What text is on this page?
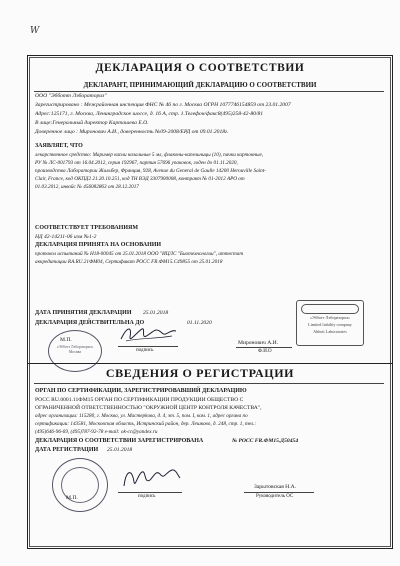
W
ДЕКЛАРАЦИЯ О СООТВЕТСТВИИ
ДЕКЛАРАНТ, ПРИНИМАЮЩИЙ ДЕКЛАРАЦИЮ О СООТВЕТСТВИИ
ООО "Эбботт Лэбораториз"
Зарегистрировано : Межрайонная инспекция ФНС № 46 по г. Москва ОГРН 1077746154859 от 23.01.2007
Адрес:125171, г. Москва, Ленинградское шоссе, д. 16 А, стр. 1.Телефон/факс8(495)258-42-80/81
В лице:Генеральный директор Карташева Е.О.
Доверенное лицо : Миронович А.И., доверенность №09-2008/ЕРД от 09.01.2018г.
ЗАЯВЛЯЕТ, ЧТО
лекарственное средство: Маример капли назальные 5 мл, флаконы-капельницы (10), пачки картонные,
РУ № ЛС-001793 от 16.04.2012, серия 192967, партия 57696 упаковок, годен до 01.11.2020,
производства Лаборатории Жильбер, Франция, 928, Avenue du General de Gaulle 14200 Herouville Saint-
Clair, France, код ОКПД2 21.20.10.251, код ТН ВЭД 3307900008, контракт № 01-2012 АРО от
01.03.2012, инвойс № 456082863 от 28.12.2017
СООТВЕТСТВУЕТ ТРЕБОВАНИЯМ
НД 42-14211-06 изм №1-2
ДЕКЛАРАЦИЯ ПРИНЯТА НА ОСНОВАНИИ
протокол испытаний № Н18-00045 от 25.01.2018 ООО "ИЦЛС "Биотехнологии", аттестат
аккредитации RA.RU.21ФМ04, Сертификат РОСС FR.ФМ15.C49855 от 25.01.2018
ДАТА ПРИНЯТИЯ ДЕКЛАРАЦИИ 25.01.2018
ДЕКЛАРАЦИЯ ДЕЙСТВИТЕЛЬНА ДО	01.11.2020
М.П.
«Эбботт Лэбораториз» Москва	подпись
Миронович А.И.
Ф.И.О
«Эбботт Лэбораториз»
Limited liability company
Abbott Laboratories
СВЕДЕНИЯ О РЕГИСТРАЦИИ
ОРГАН ПО СЕРТИФИКАЦИИ, ЗАРЕГИСТРИРОВАВШИЙ ДЕКЛАРАЦИЮ
РОСС RU.0001.11ФМ15 ОРГАН ПО СЕРТИФИКАЦИИ ПРОДУКЦИИ ОБЩЕСТВО С
ОГРАНИЧЕННОЙ ОТВЕТСТВЕННОСТЬЮ "ОКРУЖНОЙ ЦЕНТР КОНТРОЛЯ КАЧЕСТВА",
адрес организации: 115280, г. Москва, ул. Мастерkова, д. 4, эт. 5, пом. I, ком. 1, адрес органа по
сертификации: 143581, Московская область, Истринский район, дер. Лешково, д. 248, стр. 1, тел.:
(495)646-96-69, (495)787-92-78 e-mail: ok-cc@yandex.ru
ДЕКЛАРАЦИЯ О СООТВЕТСТВИИ ЗАРЕГИСТРИРОВАНА	№ РОСС FR.ФМ15.Д50454
ДАТА РЕГИСТРАЦИИ 25.01.2018
М.П.	подпись
Зарытовская Н.А.
Руководитель ОС
